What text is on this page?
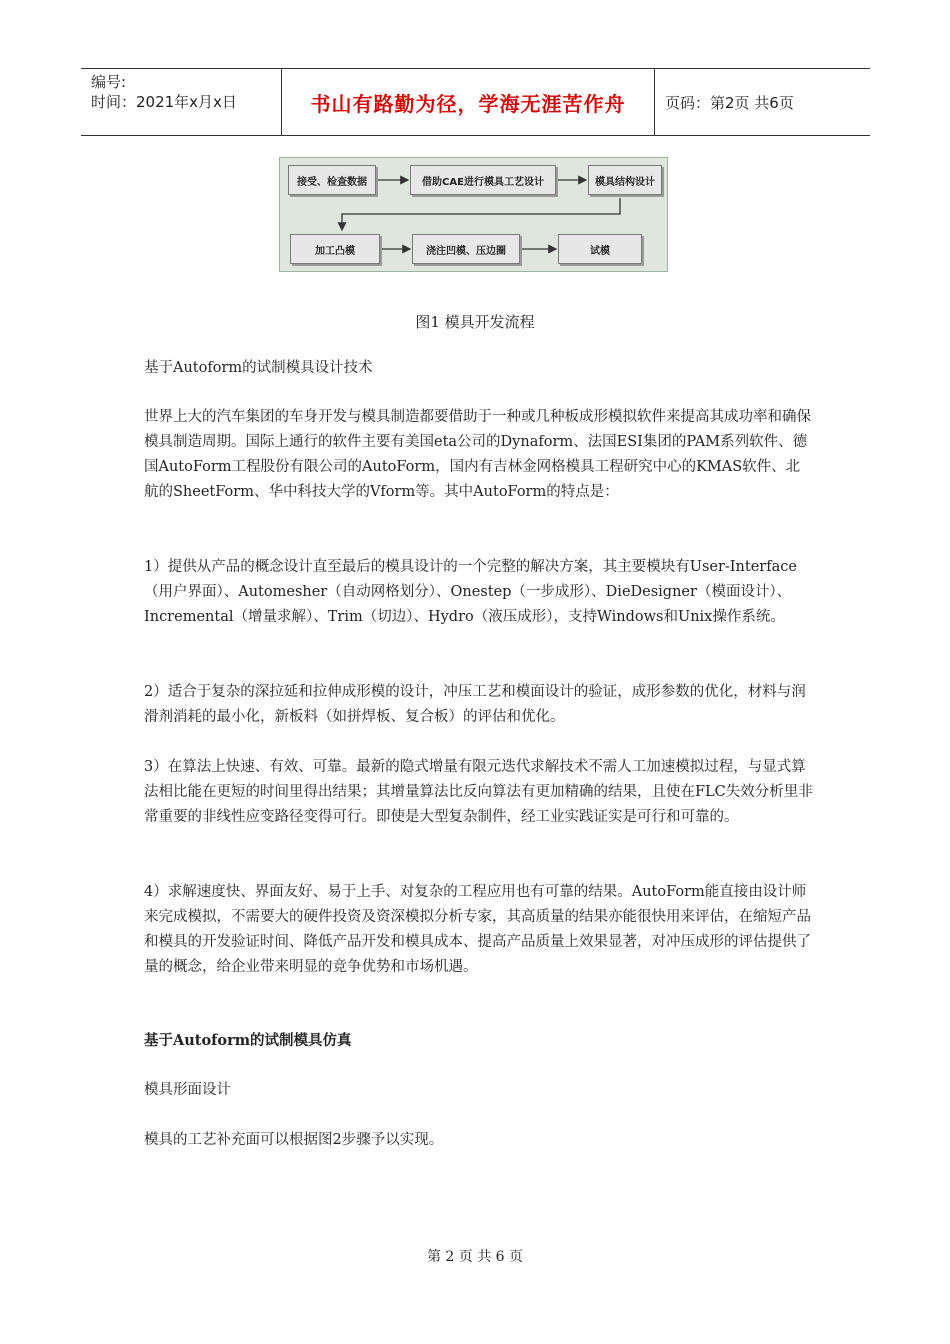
编号:
时间：2021年x月x日	书山有路勤为径，学海无涯苦作舟	页码：第2页 共6页
接受、检查数据	借助CAE进行模具工艺设计	模具结构设计
加工凸模	浇注凹模、压边圈	试模
图1 模具开发流程

基于Autoform的试制模具设计技术

世界上大的汽车集团的车身开发与模具制造都要借助于一种或几种板成形模拟软件来提高其成功率和确保模具制造周期。国际上通行的软件主要有美国eta公司的Dynaform、法国ESI集团的PAM系列软件、德国AutoForm工程股份有限公司的AutoForm，国内有吉林金网格模具工程研究中心的KMAS软件、北航的SheetForm、华中科技大学的Vform等。其中AutoForm的特点是：

1）提供从产品的概念设计直至最后的模具设计的一个完整的解决方案，其主要模块有User-Interface（用户界面）、Automesher（自动网格划分）、Onestep（一步成形）、DieDesigner（模面设计）、Incremental（增量求解）、Trim（切边）、Hydro（液压成形），支持Windows和Unix操作系统。

2）适合于复杂的深拉延和拉伸成形模的设计，冲压工艺和模面设计的验证，成形参数的优化，材料与润滑剂消耗的最小化，新板料（如拼焊板、复合板）的评估和优化。

3）在算法上快速、有效、可靠。最新的隐式增量有限元迭代求解技术不需人工加速模拟过程，与显式算法相比能在更短的时间里得出结果；其增量算法比反向算法有更加精确的结果，且使在FLC失效分析里非常重要的非线性应变路径变得可行。即使是大型复杂制件，经工业实践证实是可行和可靠的。

4）求解速度快、界面友好、易于上手、对复杂的工程应用也有可靠的结果。AutoForm能直接由设计师来完成模拟，不需要大的硬件投资及资深模拟分析专家，其高质量的结果亦能很快用来评估，在缩短产品和模具的开发验证时间、降低产品开发和模具成本、提高产品质量上效果显著，对冲压成形的评估提供了量的概念，给企业带来明显的竞争优势和市场机遇。

基于Autoform的试制模具仿真

模具形面设计

模具的工艺补充面可以根据图2步骤予以实现。

第 2 页 共 6 页
